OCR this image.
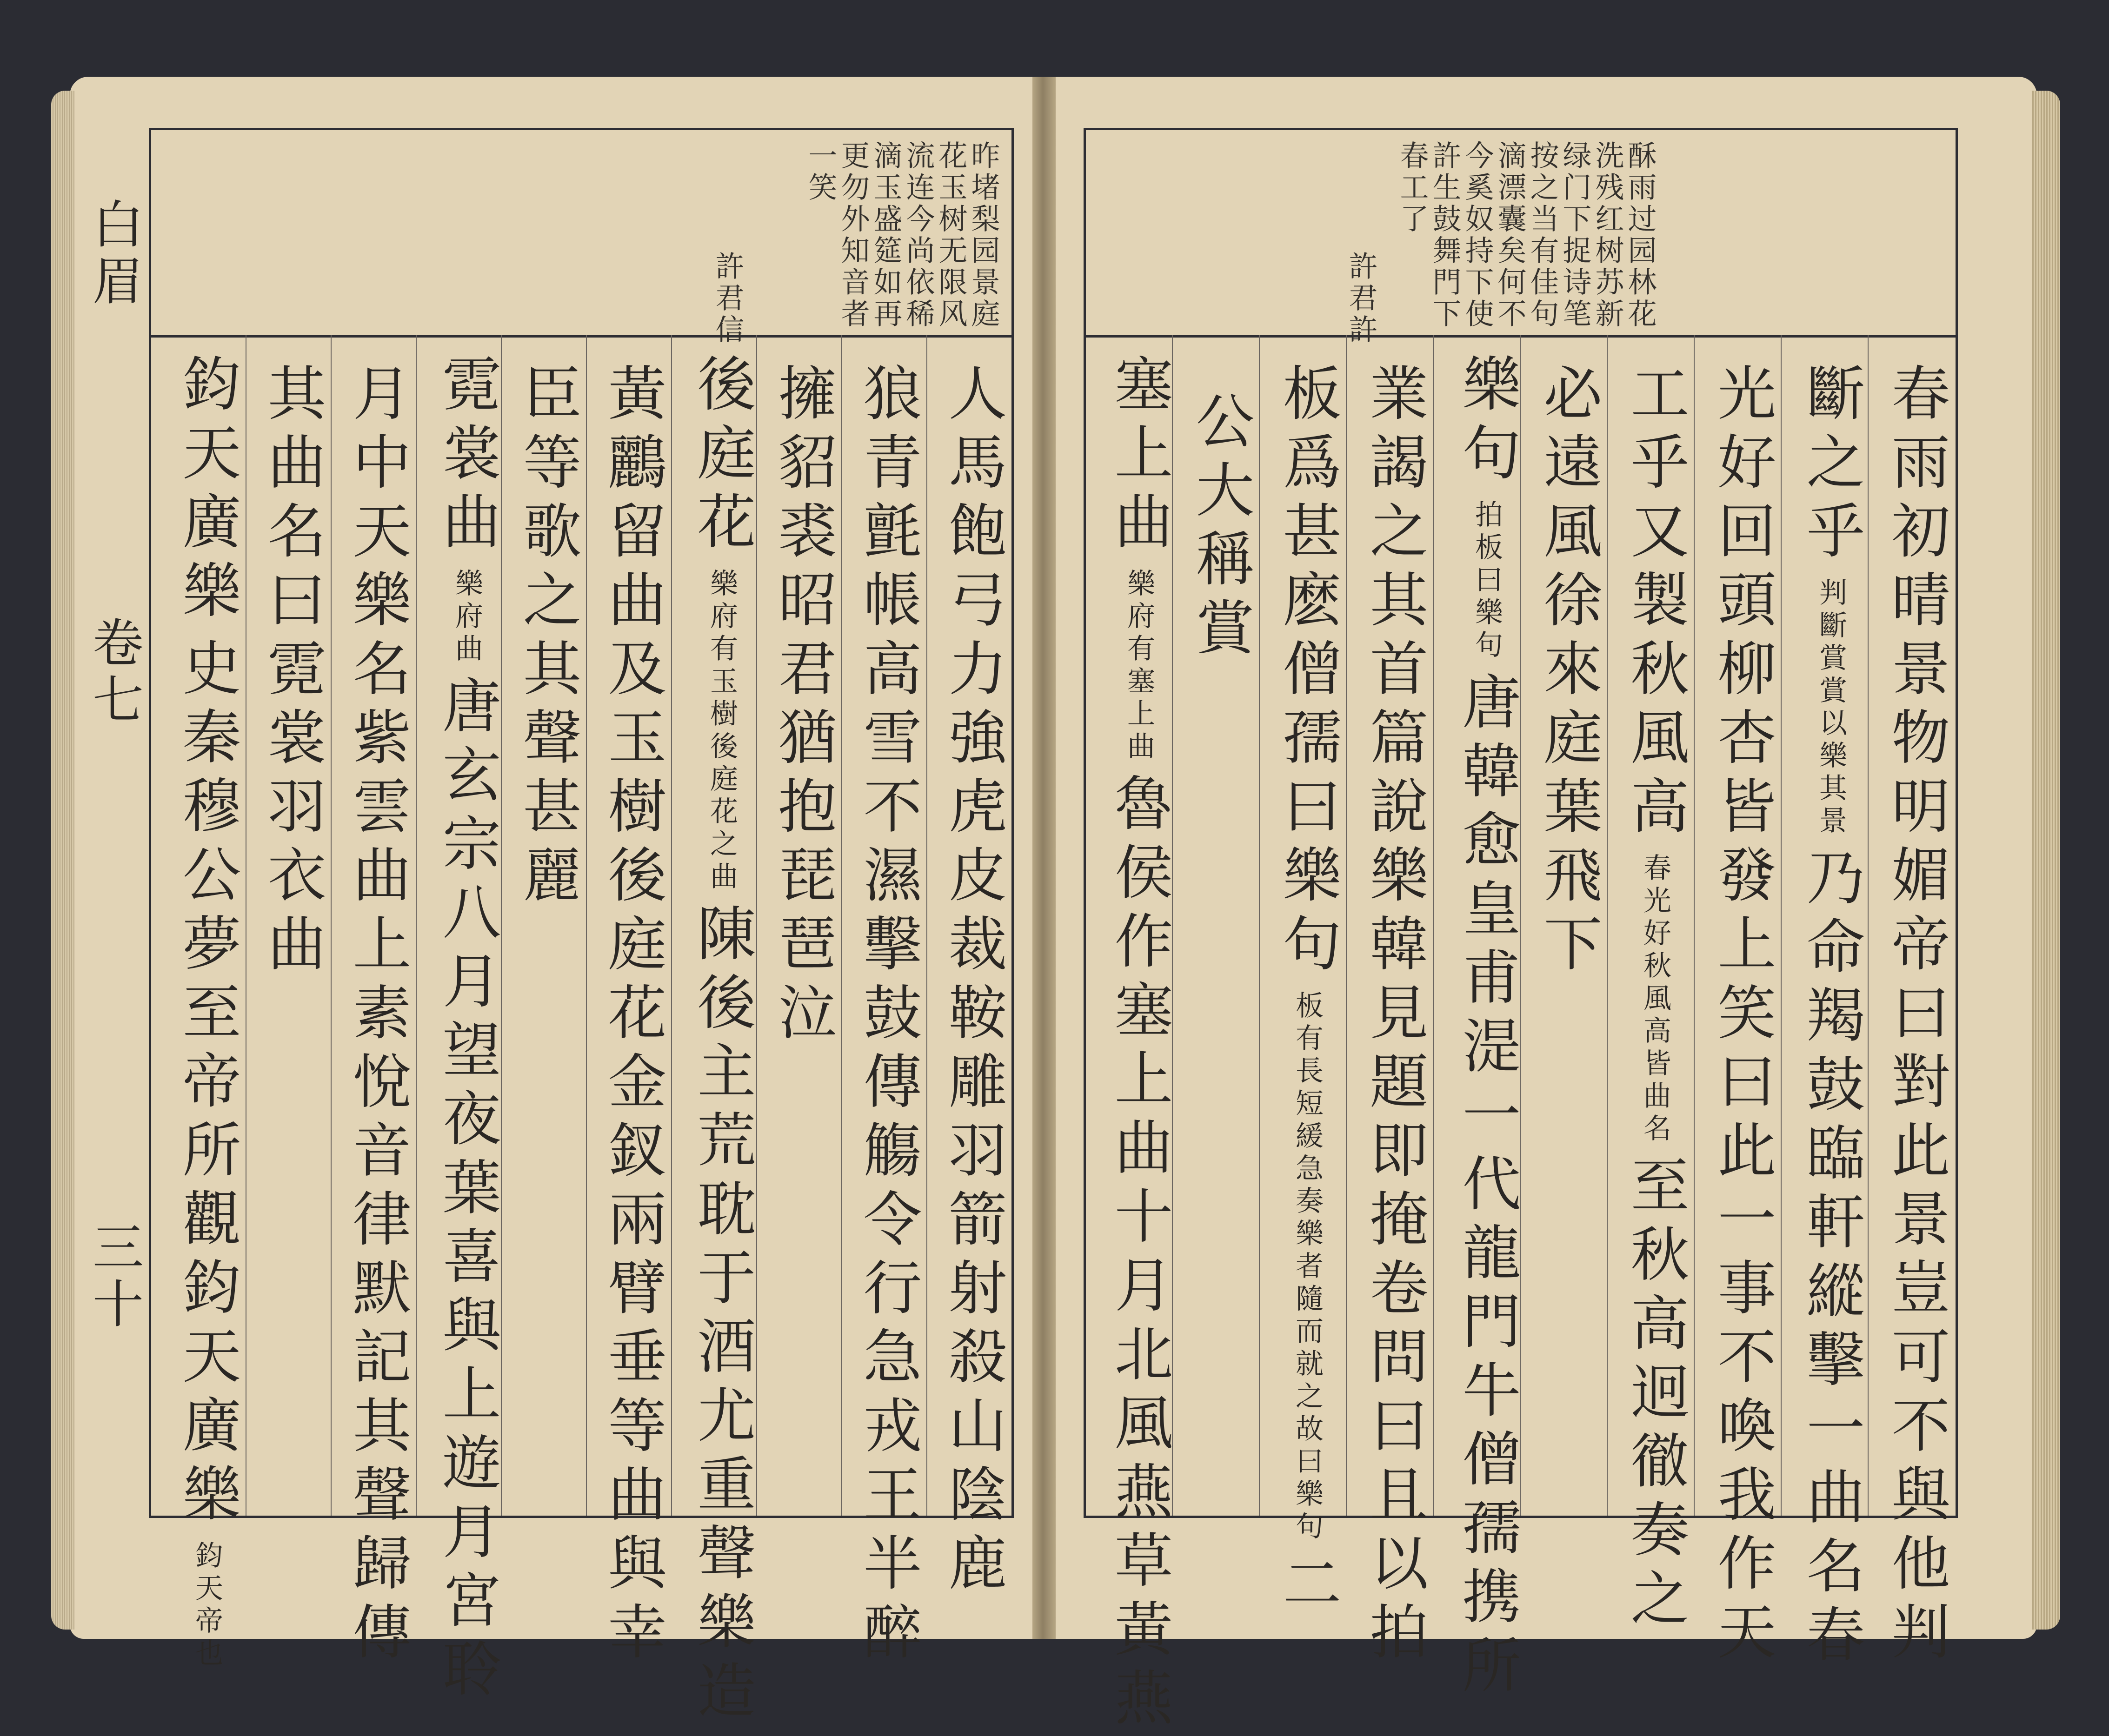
昨堵梨园景庭
花玉树无限风
流连今尚依稀
滴玉盛筵如再
更勿外知音者
一笑
許君信
人馬飽弓力強虎皮裁鞍雕羽箭射殺山陰鹿
狼青氈帳高雪不濕擊鼓傳觴令行急戎王半醉
擁貂裘昭君猶抱琵琶泣
後庭花 樂府有玉樹後庭花之曲 陳後主荒耽于酒尤重聲樂造
黃鸝留曲及玉樹後庭花金釵兩臂垂等曲與幸
臣等歌之其聲甚麗
霓裳曲 樂府曲 唐玄宗八月望夜葉喜與上遊月宮聆
月中天樂名紫雲曲上素悅音律默記其聲歸傳
其曲名曰霓裳羽衣曲
鈞天廣樂 史秦穆公夢至帝所觀鈞天廣樂 鈞天帝也
白眉
卷七
三十
酥雨过园林花
洗残红树苏新
绿门下捉诗笔
按之当有佳句
滴漂囊矣何不
今奚奴持下使
許生鼓舞門下
春工了
許君許
春雨初晴景物明媚帝曰對此景豈可不與他判
斷之乎 判斷賞賞以樂其景 乃命羯鼓臨軒縱擊一曲名春
光好回頭柳杏皆發上笑曰此一事不喚我作天
工乎又製秋風高 春光好秋風高皆曲名 至秋高迥徹奏之
必遠風徐來庭葉飛下
樂句 拍板曰樂句 唐韓愈皇甫湜一代龍門牛僧孺携所
業謁之其首篇說樂韓見題即掩卷問曰且以拍
板爲甚麽僧孺曰樂句 板有長短緩急奏樂者隨而就之故曰樂句 二
公大稱賞
塞上曲 樂府有塞上曲 魯侯作塞上曲十月北風燕草黃燕
